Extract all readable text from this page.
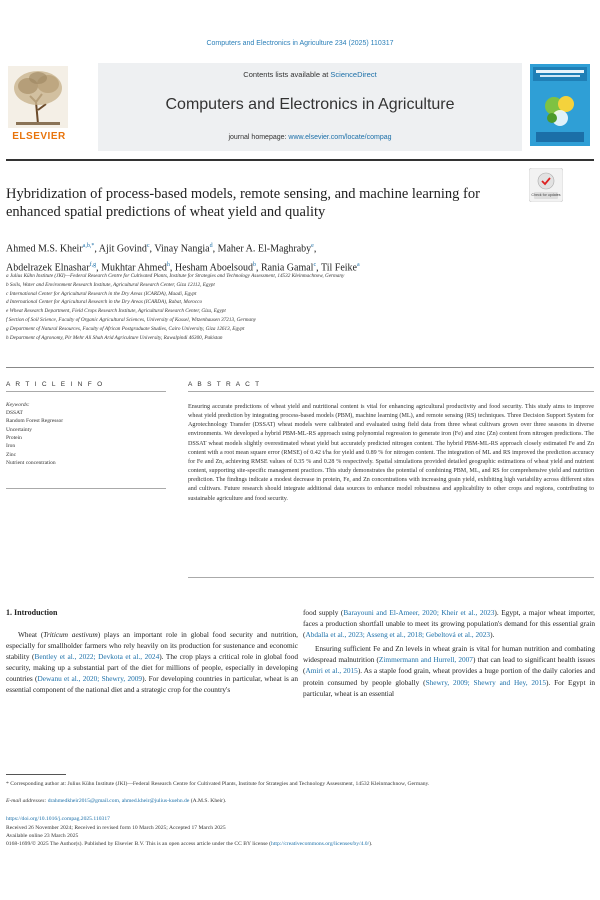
Computers and Electronics in Agriculture 234 (2025) 110317
Contents lists available at ScienceDirect
Computers and Electronics in Agriculture
journal homepage: www.elsevier.com/locate/compag
ELSEVIER
Check for updates
Hybridization of process-based models, remote sensing, and machine learning for enhanced spatial predictions of wheat yield and quality
Ahmed M.S. Kheir$^{a,b,*}$, Ajit Govind$^c$, Vinay Nangia$^d$, Maher A. El-Maghraby$^e$,
Abdelrazek Elnashar$^{f,g}$, Mukhtar Ahmed$^h$, Hesham Aboelsoud$^b$, Rania Gamal$^c$, Til Feike$^a$
a Julius Kühn Institute (JKI)—Federal Research Centre for Cultivated Plants, Institute for Strategies and Technology Assessment, 14532 Kleinmachnow, Germany
b Soils, Water and Environment Research Institute, Agricultural Research Center, Giza 12112, Egypt
c International Center for Agricultural Research in the Dry Areas (ICARDA), Maadi, Egypt
d International Center for Agricultural Research in the Dry Areas (ICARDA), Rabat, Morocco
e Wheat Research Department, Field Crops Research Institute, Agricultural Research Center, Giza, Egypt
f Section of Soil Science, Faculty of Organic Agricultural Sciences, University of Kassel, Witzenhausen 37213, Germany
g Department of Natural Resources, Faculty of African Postgraduate Studies, Cairo University, Giza 12613, Egypt
h Department of Agronomy, Pir Mehr Ali Shah Arid Agriculture University, Rawalpindi 46300, Pakistan
A R T I C L E I N F O
Keywords:
DSSAT
Random Forest Regressor
Uncertainty
Protein
Iron
Zinc
Nutrient concentration
A B S T R A C T
Ensuring accurate predictions of wheat yield and nutritional content is vital for enhancing agricultural productivity and food security. This study aims to improve wheat yield prediction by integrating process-based models (PBM), machine learning (ML), and remote sensing (RS) techniques. Three Decision Support System for Agrotechnology Transfer (DSSAT) wheat models were calibrated and evaluated using field data from three wheat cultivars grown over three seasons in diverse environments. We developed a hybrid PBM-ML-RS approach using polynomial regression to generate iron (Fe) and zinc (Zn) content from nitrogen predictions. The DSSAT wheat models slightly overestimated wheat yield but accurately predicted nitrogen content. The hybrid PBM-ML-RS approach closely estimated Fe and Zn content with a root mean square error (RMSE) of 0.42 t/ha for yield and 0.89 % for nitrogen content. The integration of ML and RS improved the prediction accuracy for Fe and Zn, achieving RMSE values of 0.35 % and 0.28 % respectively. Spatial simulations provided detailed geographic estimations of wheat yield and nutrient content, supporting site-specific management practices. This study demonstrates the potential of combining PBM, ML, and RS for comprehensive yield and nutrition prediction. The findings indicate a modest decrease in protein, Fe, and Zn concentrations with increasing grain yield, exhibiting high variability across different sites and cultivars. Future research should integrate additional data sources to enhance model robustness and applicability to other crops and regions, contributing to sustainable agriculture and food security.
1. Introduction

Wheat (Triticum aestivum) plays an important role in global food security and nutrition, especially for smallholder farmers who rely heavily on its production for sustenance and economic stability (Bentley et al., 2022; Devkota et al., 2024). The crop plays a critical role in global food security, making up a substantial part of the diet for millions of people, especially in developing countries (Dewanu et al., 2020; Shewry, 2009). For developing countries in particular, wheat is an essential component of the national diet and a strategic crop for the country's

food supply (Barayouni and El-Ameer, 2020; Kheir et al., 2023). Egypt, a major wheat importer, faces a production shortfall unable to meet its growing population's demand for this essential grain (Abdalla et al., 2023; Asseng et al., 2018; Gebeltová et al., 2023).

Ensuring sufficient Fe and Zn levels in wheat grain is vital for human nutrition and combating widespread malnutrition (Zimmermann and Hurrell, 2007) that can lead to significant health issues (Amiri et al., 2015). As a staple food grain, wheat provides a huge portion of the daily calories and protein consumed by people globally (Shewry, 2009; Shewry and Hey, 2015). For Egypt in particular, wheat is an essential

* Corresponding author at: Julius Kühn Institute (JKI)—Federal Research Centre for Cultivated Plants, Institute for Strategies and Technology Assessment, 14532 Kleinmachnow, Germany.
E-mail addresses: drahmedkheir2015@gmail.com, ahmed.kheir@julius-kuehn.de (A.M.S. Kheir).
https://doi.org/10.1016/j.compag.2025.110317
Received 26 November 2024; Received in revised form 10 March 2025; Accepted 17 March 2025
Available online 23 March 2025
0168-1699/© 2025 The Author(s). Published by Elsevier B.V. This is an open access article under the CC BY license (http://creativecommons.org/licenses/by/4.0/).
